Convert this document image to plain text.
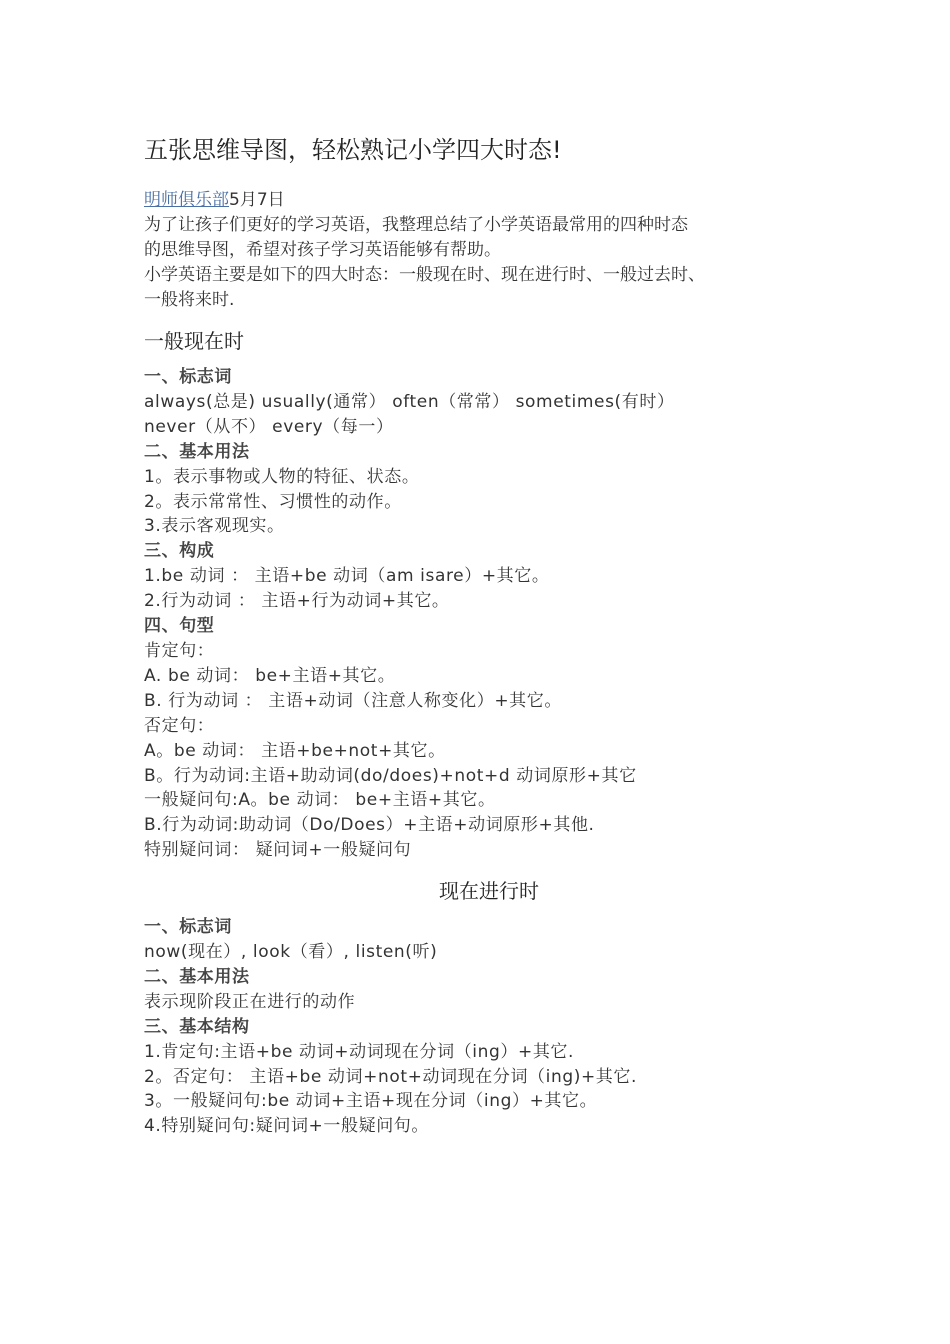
五张思维导图，轻松熟记小学四大时态!
明师俱乐部5月7日

为了让孩子们更好的学习英语，我整理总结了小学英语最常用的四种时态

的思维导图，希望对孩子学习英语能够有帮助。

小学英语主要是如下的四大时态：一般现在时、现在进行时、一般过去时、

一般将来时.

一般现在时
一、标志词
always(总是) usually(通常） often（常常） sometimes(有时）
never（从不） every（每一）
二、基本用法
1。表示事物或人物的特征、状态。
2。表示常常性、习惯性的动作。
3.表示客观现实。
三、构成
1.be 动词 ： 主语+be 动词（am isare）+其它。
2.行为动词 ： 主语+行为动词+其它。
四、句型
肯定句：
A. be 动词： be+主语+其它。
B. 行为动词 ： 主语+动词（注意人称变化）+其它。
否定句：
A。be 动词： 主语+be+not+其它。
B。行为动词:主语+助动词(do/does)+not+d 动词原形+其它
一般疑问句:A。be 动词： be+主语+其它。
B.行为动词:助动词（Do/Does）+主语+动词原形+其他.
特别疑问词： 疑问词+一般疑问句
现在进行时
一、标志词
now(现在）, look（看）, listen(听)
二、基本用法
表示现阶段正在进行的动作
三、基本结构
1.肯定句:主语+be 动词+动词现在分词（ing）+其它.
2。否定句： 主语+be 动词+not+动词现在分词（ing)+其它.
3。一般疑问句:be 动词+主语+现在分词（ing）+其它。
4.特别疑问句:疑问词+一般疑问句。
